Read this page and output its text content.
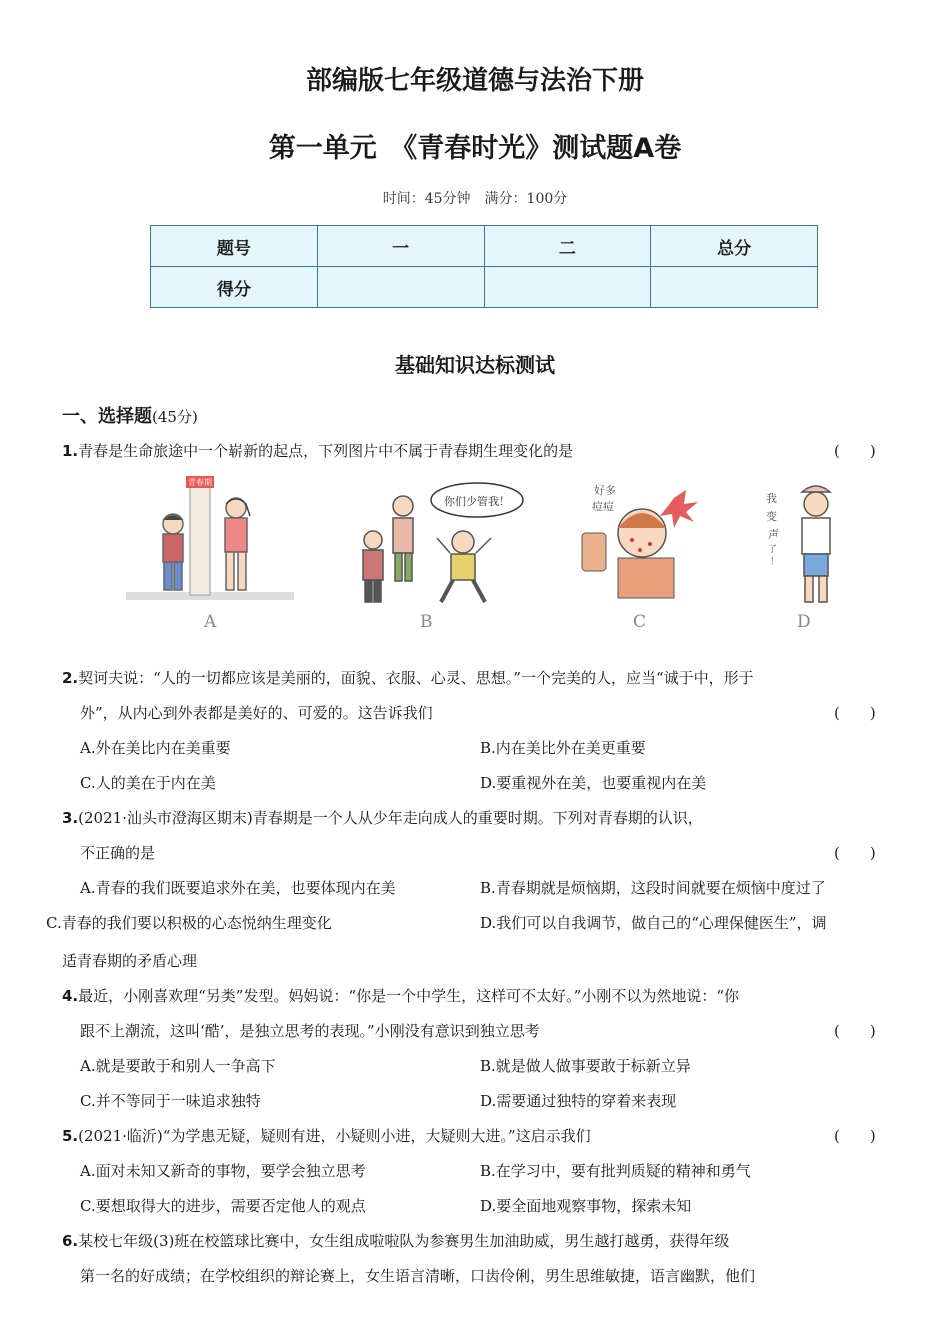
部编版七年级道德与法治下册
第一单元　《青春时光》测试题A卷
时间：45分钟　满分：100分
题号	一	二	总分
得分			
基础知识达标测试
一、选择题(45分)
1.青春是生命旅途中一个崭新的起点，下列图片中不属于青春期生理变化的是	(　　)
青春期
A
你们少管我！
B
好多
痘痘
C
我
变
声
了
！
D
2.契诃夫说：“人的一切都应该是美丽的，面貌、衣服、心灵、思想。”一个完美的人，应当“诚于中，形于
外”，从内心到外表都是美好的、可爱的。这告诉我们	(　　)
A.外在美比内在美重要	B.内在美比外在美更重要
C.人的美在于内在美	D.要重视外在美，也要重视内在美
3.(2021·汕头市澄海区期末)青春期是一个人从少年走向成人的重要时期。下列对青春期的认识，
不正确的是	(　　)
A.青春的我们既要追求外在美，也要体现内在美	B.青春期就是烦恼期，这段时间就要在烦恼中度过了
C.青春的我们要以积极的心态悦纳生理变化	D.我们可以自我调节，做自己的“心理保健医生”，调
适青春期的矛盾心理
4.最近，小刚喜欢理“另类”发型。妈妈说：“你是一个中学生，这样可不太好。”小刚不以为然地说：“你
跟不上潮流，这叫‘酷’，是独立思考的表现。”小刚没有意识到独立思考	(　　)
A.就是要敢于和别人一争高下	B.就是做人做事要敢于标新立异
C.并不等同于一味追求独特	D.需要通过独特的穿着来表现
5.(2021·临沂)“为学患无疑，疑则有进，小疑则小进，大疑则大进。”这启示我们	(　　)
A.面对未知又新奇的事物，要学会独立思考	B.在学习中，要有批判质疑的精神和勇气
C.要想取得大的进步，需要否定他人的观点	D.要全面地观察事物，探索未知
6.某校七年级(3)班在校篮球比赛中，女生组成啦啦队为参赛男生加油助威，男生越打越勇，获得年级
第一名的好成绩；在学校组织的辩论赛上，女生语言清晰，口齿伶俐，男生思维敏捷，语言幽默，他们
